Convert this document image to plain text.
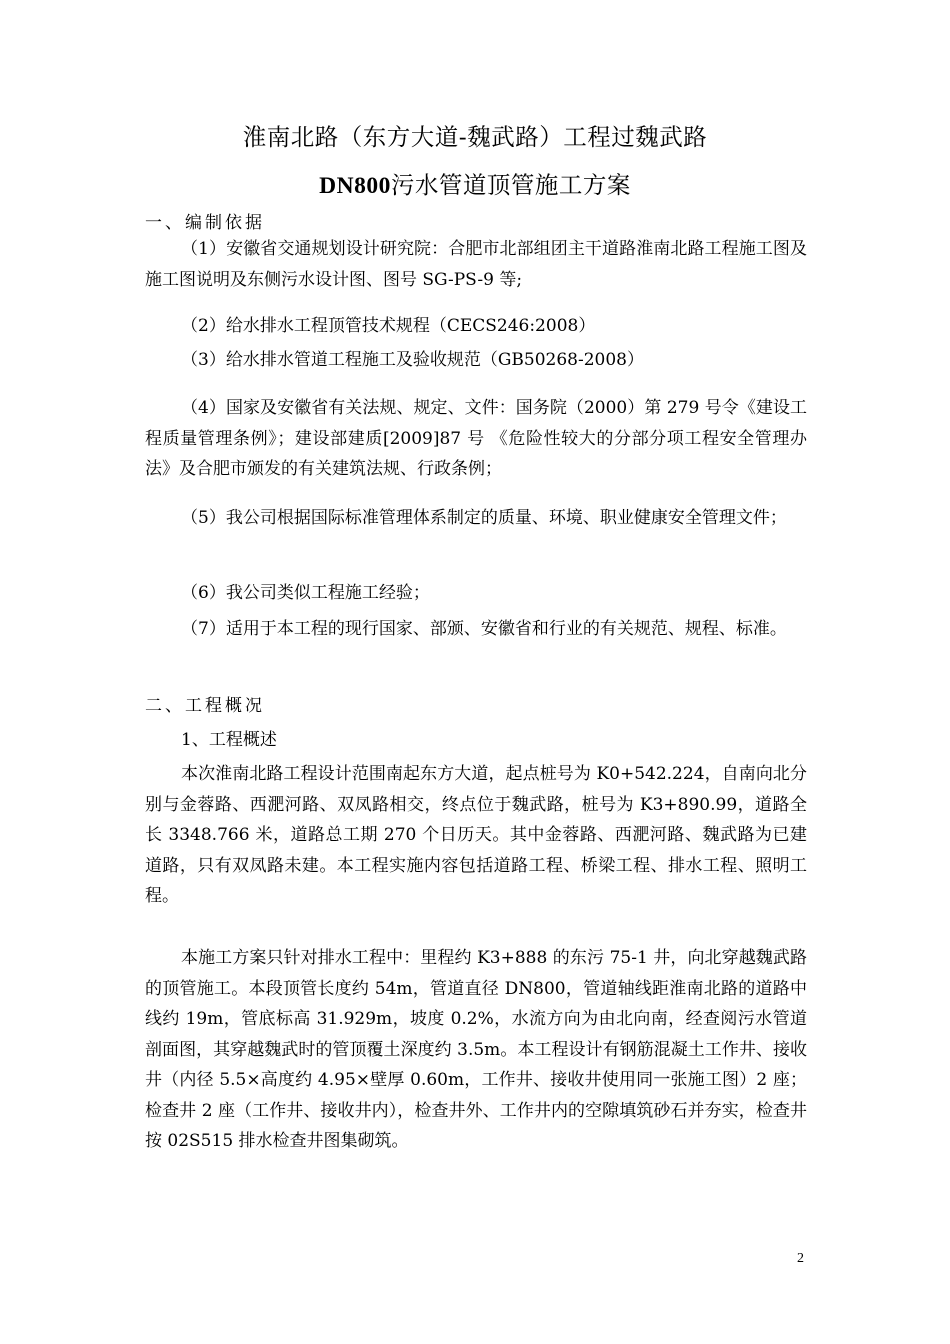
淮南北路（东方大道-魏武路）工程过魏武路
DN800污水管道顶管施工方案
一、编制依据

（1）安徽省交通规划设计研究院：合肥市北部组团主干道路淮南北路工程施工图及施工图说明及东侧污水设计图、图号 SG-PS-9 等;

（2）给水排水工程顶管技术规程（CECS246:2008）

（3）给水排水管道工程施工及验收规范（GB50268-2008）

（4）国家及安徽省有关法规、规定、文件：国务院（2000）第 279 号令《建设工程质量管理条例》；建设部建质[2009]87 号 《危险性较大的分部分项工程安全管理办法》及合肥市颁发的有关建筑法规、行政条例；

（5）我公司根据国际标准管理体系制定的质量、环境、职业健康安全管理文件；

（6）我公司类似工程施工经验；

（7）适用于本工程的现行国家、部颁、安徽省和行业的有关规范、规程、标准。

二、工程概况
1、工程概述

本次淮南北路工程设计范围南起东方大道，起点桩号为 K0+542.224，自南向北分别与金蓉路、西淝河路、双凤路相交，终点位于魏武路，桩号为 K3+890.99，道路全长 3348.766 米，道路总工期 270 个日历天。其中金蓉路、西淝河路、魏武路为已建道路，只有双凤路未建。本工程实施内容包括道路工程、桥梁工程、排水工程、照明工程。

本施工方案只针对排水工程中：里程约 K3+888 的东污 75-1 井，向北穿越魏武路的顶管施工。本段顶管长度约 54m，管道直径 DN800，管道轴线距淮南北路的道路中线约 19m，管底标高 31.929m，坡度 0.2%，水流方向为由北向南，经查阅污水管道剖面图，其穿越魏武时的管顶覆土深度约 3.5m。本工程设计有钢筋混凝土工作井、接收井（内径 5.5×高度约 4.95×壁厚 0.60m，工作井、接收井使用同一张施工图）2 座；检查井 2 座（工作井、接收井内），检查井外、工作井内的空隙填筑砂石并夯实，检查井按 02S515 排水检查井图集砌筑。

2
